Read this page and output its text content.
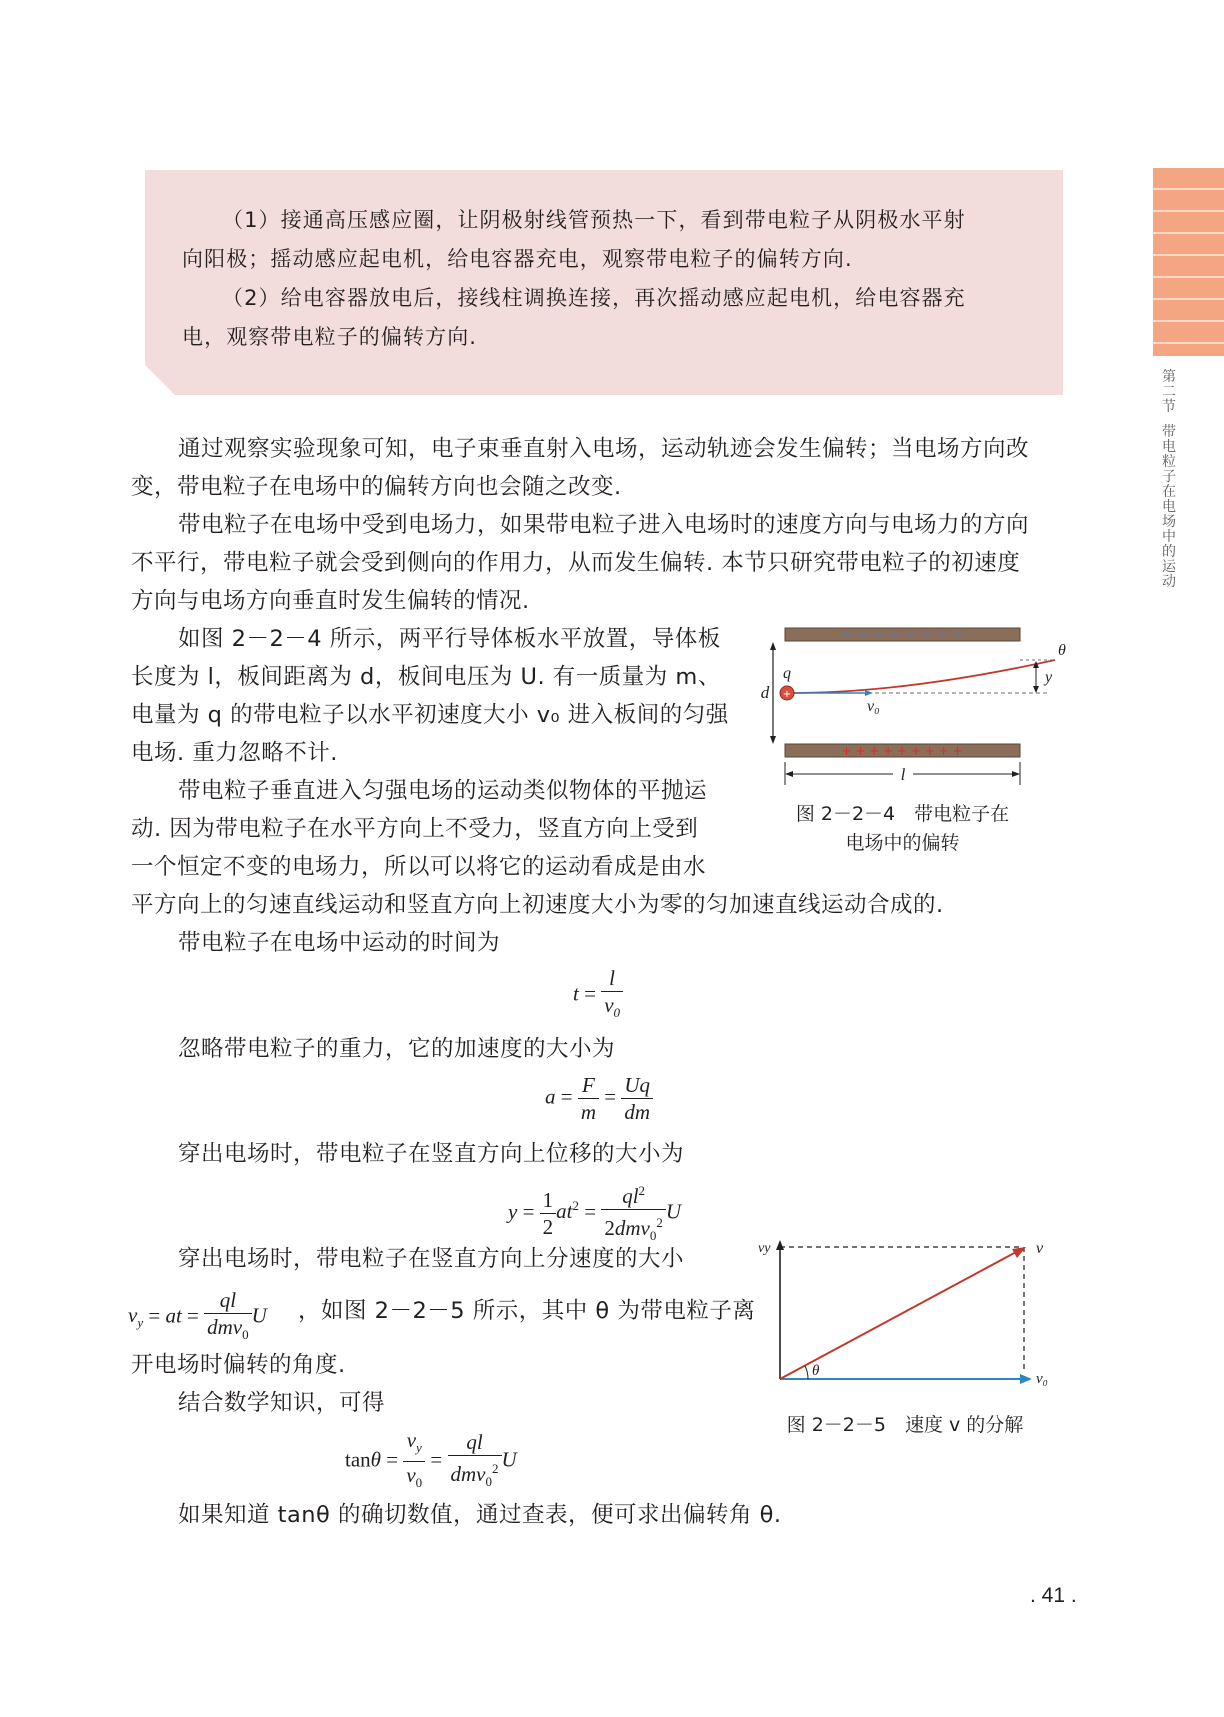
第二节
带电粒子在电场中的运动
（1）接通高压感应圈，让阴极射线管预热一下，看到带电粒子从阴极水平射
向阳极；摇动感应起电机，给电容器充电，观察带电粒子的偏转方向.
（2）给电容器放电后，接线柱调换连接，再次摇动感应起电机，给电容器充
电，观察带电粒子的偏转方向.
通过观察实验现象可知，电子束垂直射入电场，运动轨迹会发生偏转；当电场方向改
变，带电粒子在电场中的偏转方向也会随之改变.
带电粒子在电场中受到电场力，如果带电粒子进入电场时的速度方向与电场力的方向
不平行，带电粒子就会受到侧向的作用力，从而发生偏转. 本节只研究带电粒子的初速度
方向与电场方向垂直时发生偏转的情况.
如图 2－2－4 所示，两平行导体板水平放置，导体板
长度为 l，板间距离为 d，板间电压为 U. 有一质量为 m、
电量为 q 的带电粒子以水平初速度大小 v₀ 进入板间的匀强
电场. 重力忽略不计.
带电粒子垂直进入匀强电场的运动类似物体的平抛运
动. 因为带电粒子在水平方向上不受力，竖直方向上受到
一个恒定不变的电场力，所以可以将它的运动看成是由水
平方向上的匀速直线运动和竖直方向上初速度大小为零的匀加速直线运动合成的.
带电粒子在电场中运动的时间为
$t = \frac{l}{v_0}$
忽略带电粒子的重力，它的加速度的大小为
$a = \frac{F}{m} = \frac{Uq}{dm}$
穿出电场时，带电粒子在竖直方向上位移的大小为
$y = \frac{1}{2} at^2 = \frac{ql^2}{2dmv_0^2}$ U
穿出电场时，带电粒子在竖直方向上分速度的大小
$v_y$ = at = $\frac{ql}{dmv_0}$ U ，如图 2－2－5 所示，其中 θ 为带电粒子离
开电场时偏转的角度.
结合数学知识，可得
$\tan\theta = \frac{v_y}{v_0} = \frac{ql}{dmv_0^2}$ U
如果知道 tanθ 的确切数值，通过查表，便可求出偏转角 θ.
－ － － － － － － －
+ + + + + + + + +
d
y
θ
+
q
v₀
l
图 2－2－4　带电粒子在
电场中的偏转
vy
v₀
v
θ
图 2－2－5　速度 v 的分解
. 41 .
